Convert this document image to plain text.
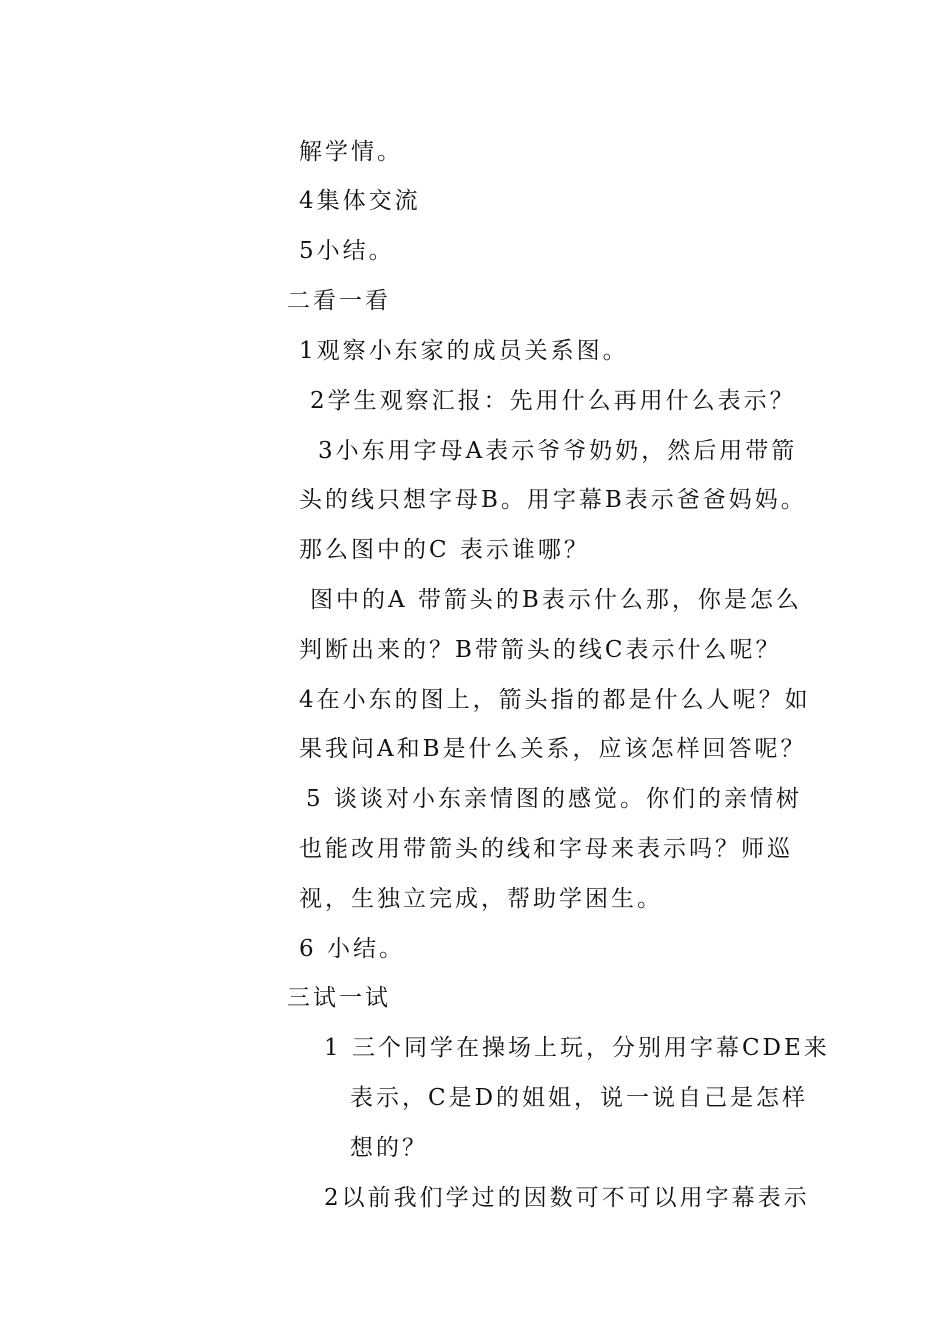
解学情。
4集体交流
5小结。
二看一看
1观察小东家的成员关系图。
2学生观察汇报：先用什么再用什么表示？
3小东用字母A表示爷爷奶奶，然后用带箭
头的线只想字母B。用字幕B表示爸爸妈妈。
那么图中的C 表示谁哪？
图中的A 带箭头的B表示什么那，你是怎么
判断出来的？B带箭头的线C表示什么呢？
4在小东的图上，箭头指的都是什么人呢？如
果我问A和B是什么关系，应该怎样回答呢？
5 谈谈对小东亲情图的感觉。你们的亲情树
也能改用带箭头的线和字母来表示吗？师巡
视，生独立完成，帮助学困生。
6 小结。
三试一试
1 三个同学在操场上玩，分别用字幕CDE来
表示，C是D的姐姐，说一说自己是怎样
想的？
2以前我们学过的因数可不可以用字幕表示
